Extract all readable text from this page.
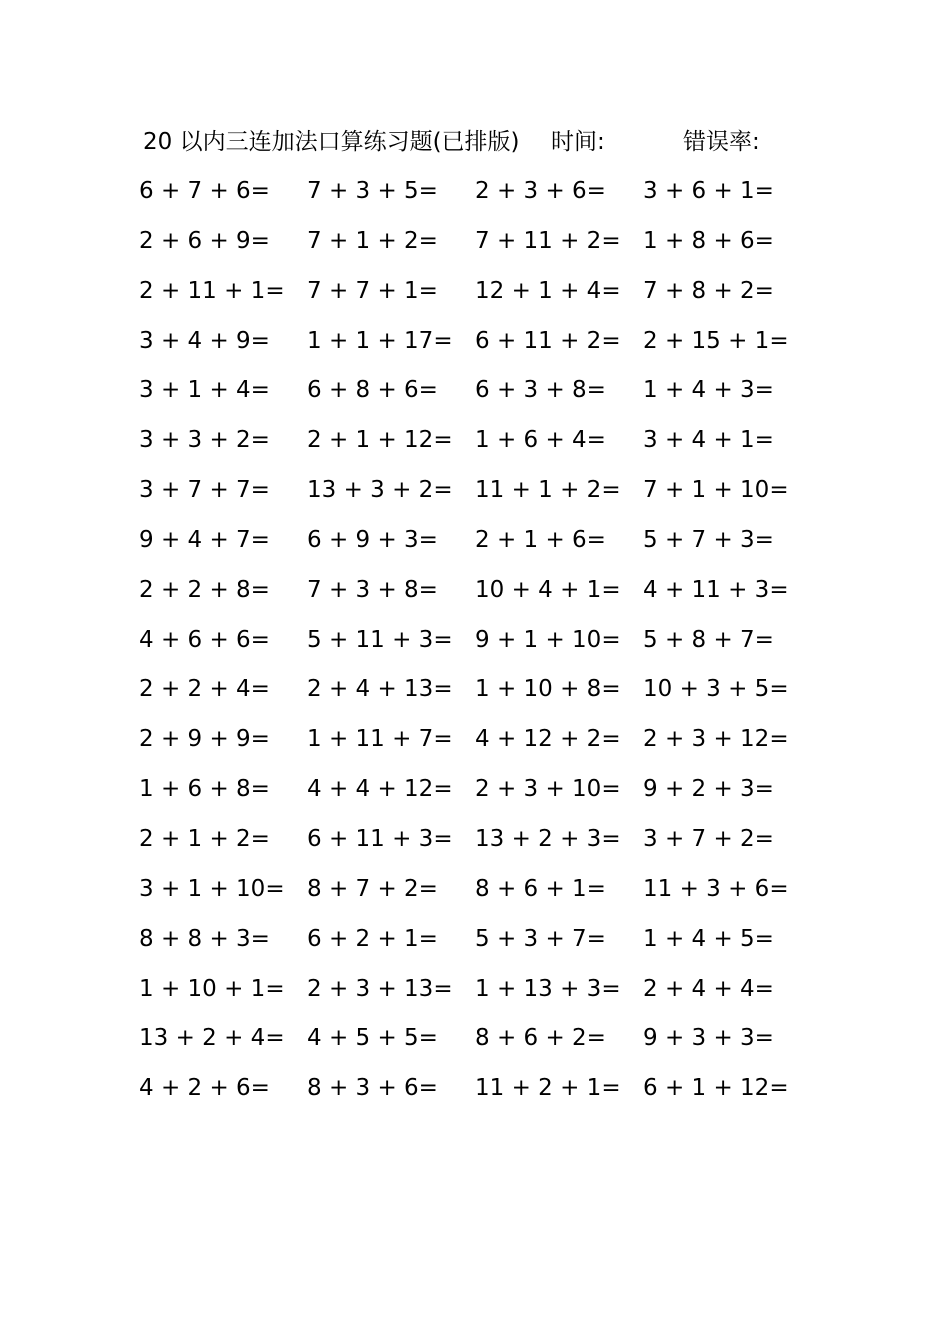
20 以内三连加法口算练习题(已排版) 时间:	错误率:
6 + 7 + 6= 7 + 3 + 5= 2 + 3 + 6= 3 + 6 + 1=
2 + 6 + 9= 7 + 1 + 2= 7 + 11 + 2= 1 + 8 + 6=
2 + 11 + 1= 7 + 7 + 1= 12 + 1 + 4= 7 + 8 + 2=
3 + 4 + 9= 1 + 1 + 17= 6 + 11 + 2= 2 + 15 + 1=
3 + 1 + 4= 6 + 8 + 6= 6 + 3 + 8= 1 + 4 + 3=
3 + 3 + 2= 2 + 1 + 12= 1 + 6 + 4= 3 + 4 + 1=
3 + 7 + 7= 13 + 3 + 2= 11 + 1 + 2= 7 + 1 + 10=
9 + 4 + 7= 6 + 9 + 3= 2 + 1 + 6= 5 + 7 + 3=
2 + 2 + 8= 7 + 3 + 8= 10 + 4 + 1= 4 + 11 + 3=
4 + 6 + 6= 5 + 11 + 3= 9 + 1 + 10= 5 + 8 + 7=
2 + 2 + 4= 2 + 4 + 13= 1 + 10 + 8= 10 + 3 + 5=
2 + 9 + 9= 1 + 11 + 7= 4 + 12 + 2= 2 + 3 + 12=
1 + 6 + 8= 4 + 4 + 12= 2 + 3 + 10= 9 + 2 + 3=
2 + 1 + 2= 6 + 11 + 3= 13 + 2 + 3= 3 + 7 + 2=
3 + 1 + 10= 8 + 7 + 2= 8 + 6 + 1= 11 + 3 + 6=
8 + 8 + 3= 6 + 2 + 1= 5 + 3 + 7= 1 + 4 + 5=
1 + 10 + 1= 2 + 3 + 13= 1 + 13 + 3= 2 + 4 + 4=
13 + 2 + 4= 4 + 5 + 5= 8 + 6 + 2= 9 + 3 + 3=
4 + 2 + 6= 8 + 3 + 6= 11 + 2 + 1= 6 + 1 + 12=
